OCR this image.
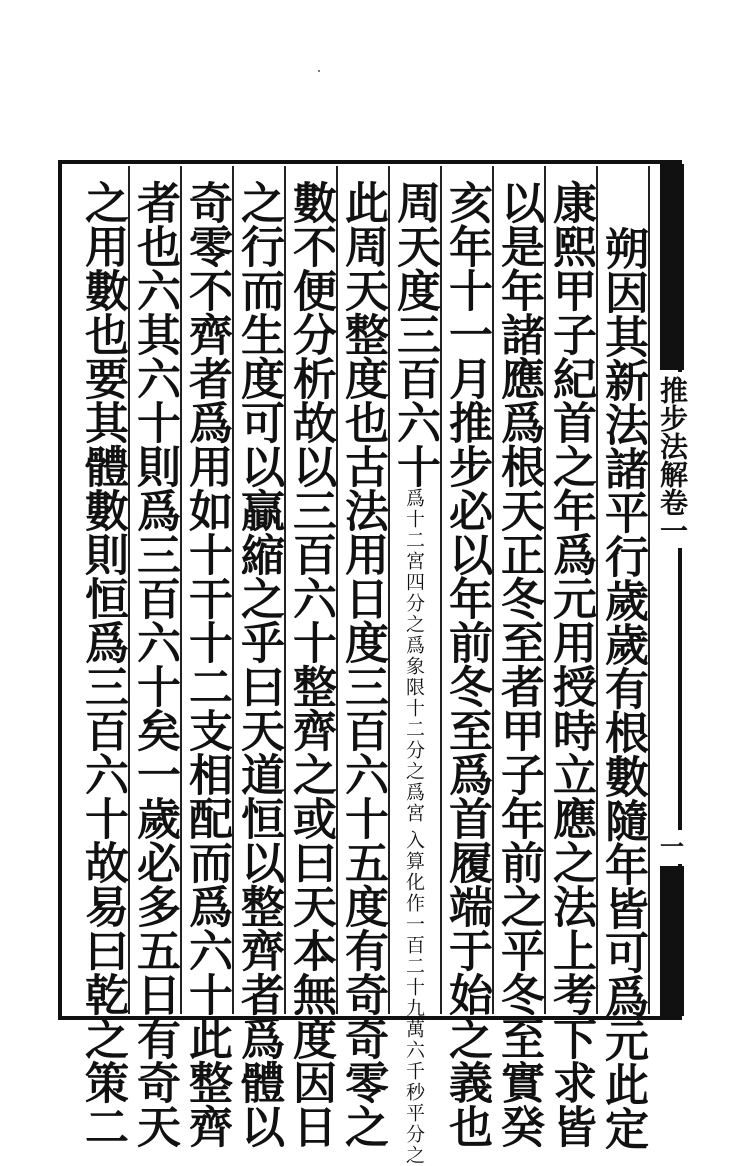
推步法解卷一
一
朔因其新法諸平行歲歲有根數隨年皆可爲元此定
康熙甲子紀首之年爲元用授時立應之法上考下求皆
以是年諸應爲根天正冬至者甲子年前之平冬至實癸
亥年十一月推步必以年前冬至爲首履端于始之義也
周天度三百六十
入算化作一百二十九萬六千秒平分之
爲十二宮四分之爲象限十二分之爲宮
此周天整度也古法用日度三百六十五度有奇奇零之
數不便分析故以三百六十整齊之或曰天本無度因日
之行而生度可以贏縮之乎曰天道恒以整齊者爲體以
奇零不齊者爲用如十干十二支相配而爲六十此整齊
者也六其六十則爲三百六十矣一歲必多五日有奇天
之用數也要其體數則恒爲三百六十故易曰乾之策二
